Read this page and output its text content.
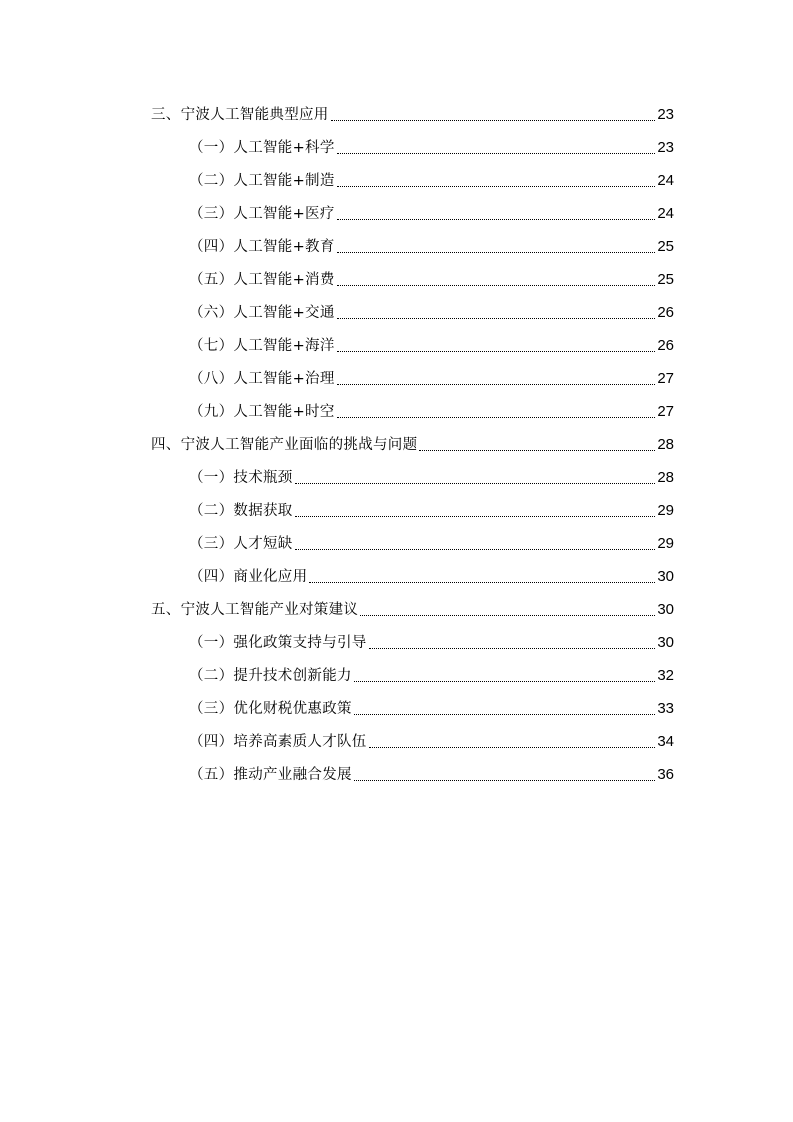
三、宁波人工智能典型应用	23
（一）人工智能+科学	23
（二）人工智能+制造	24
（三）人工智能+医疗	24
（四）人工智能+教育	25
（五）人工智能+消费	25
（六）人工智能+交通	26
（七）人工智能+海洋	26
（八）人工智能+治理	27
（九）人工智能+时空	27
四、宁波人工智能产业面临的挑战与问题	28
（一）技术瓶颈	28
（二）数据获取	29
（三）人才短缺	29
（四）商业化应用	30
五、宁波人工智能产业对策建议	30
（一）强化政策支持与引导	30
（二）提升技术创新能力	32
（三）优化财税优惠政策	33
（四）培养高素质人才队伍	34
（五）推动产业融合发展	36
